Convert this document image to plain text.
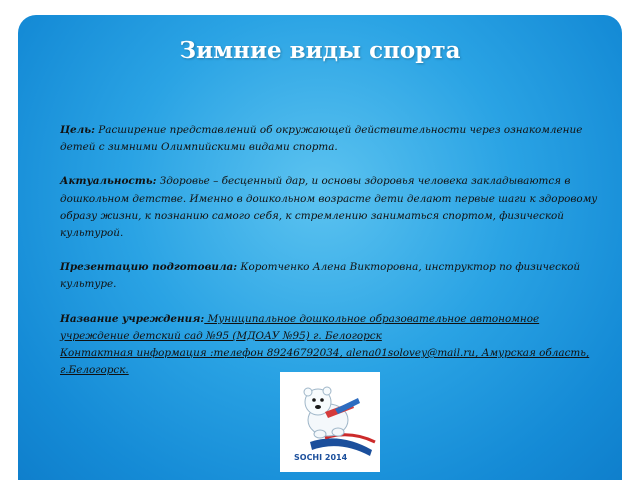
Зимние виды спорта

Цель: Расширение представлений об окружающей действительности через ознакомление детей с зимними Олимпийскими видами спорта.

Актуальность: Здоровье – бесценный дар, и основы здоровья человека закладываются в дошкольном детстве. Именно в дошкольном возрасте дети делают первые шаги к здоровому образу жизни, к познанию самого себя, к стремлению заниматься спортом, физической культурой.

Презентацию подготовила: Коротченко Алена Викторовна, инструктор по физической культуре.

Название учреждения: Муниципальное дошкольное образовательное автономное учреждение детский сад №95 (МДОАУ №95) г. Белогорск
Контактная информация :телефон 89246792034, alena01solovey@mail.ru, Амурская область, г.Белогорск.

SOCHI 2014
